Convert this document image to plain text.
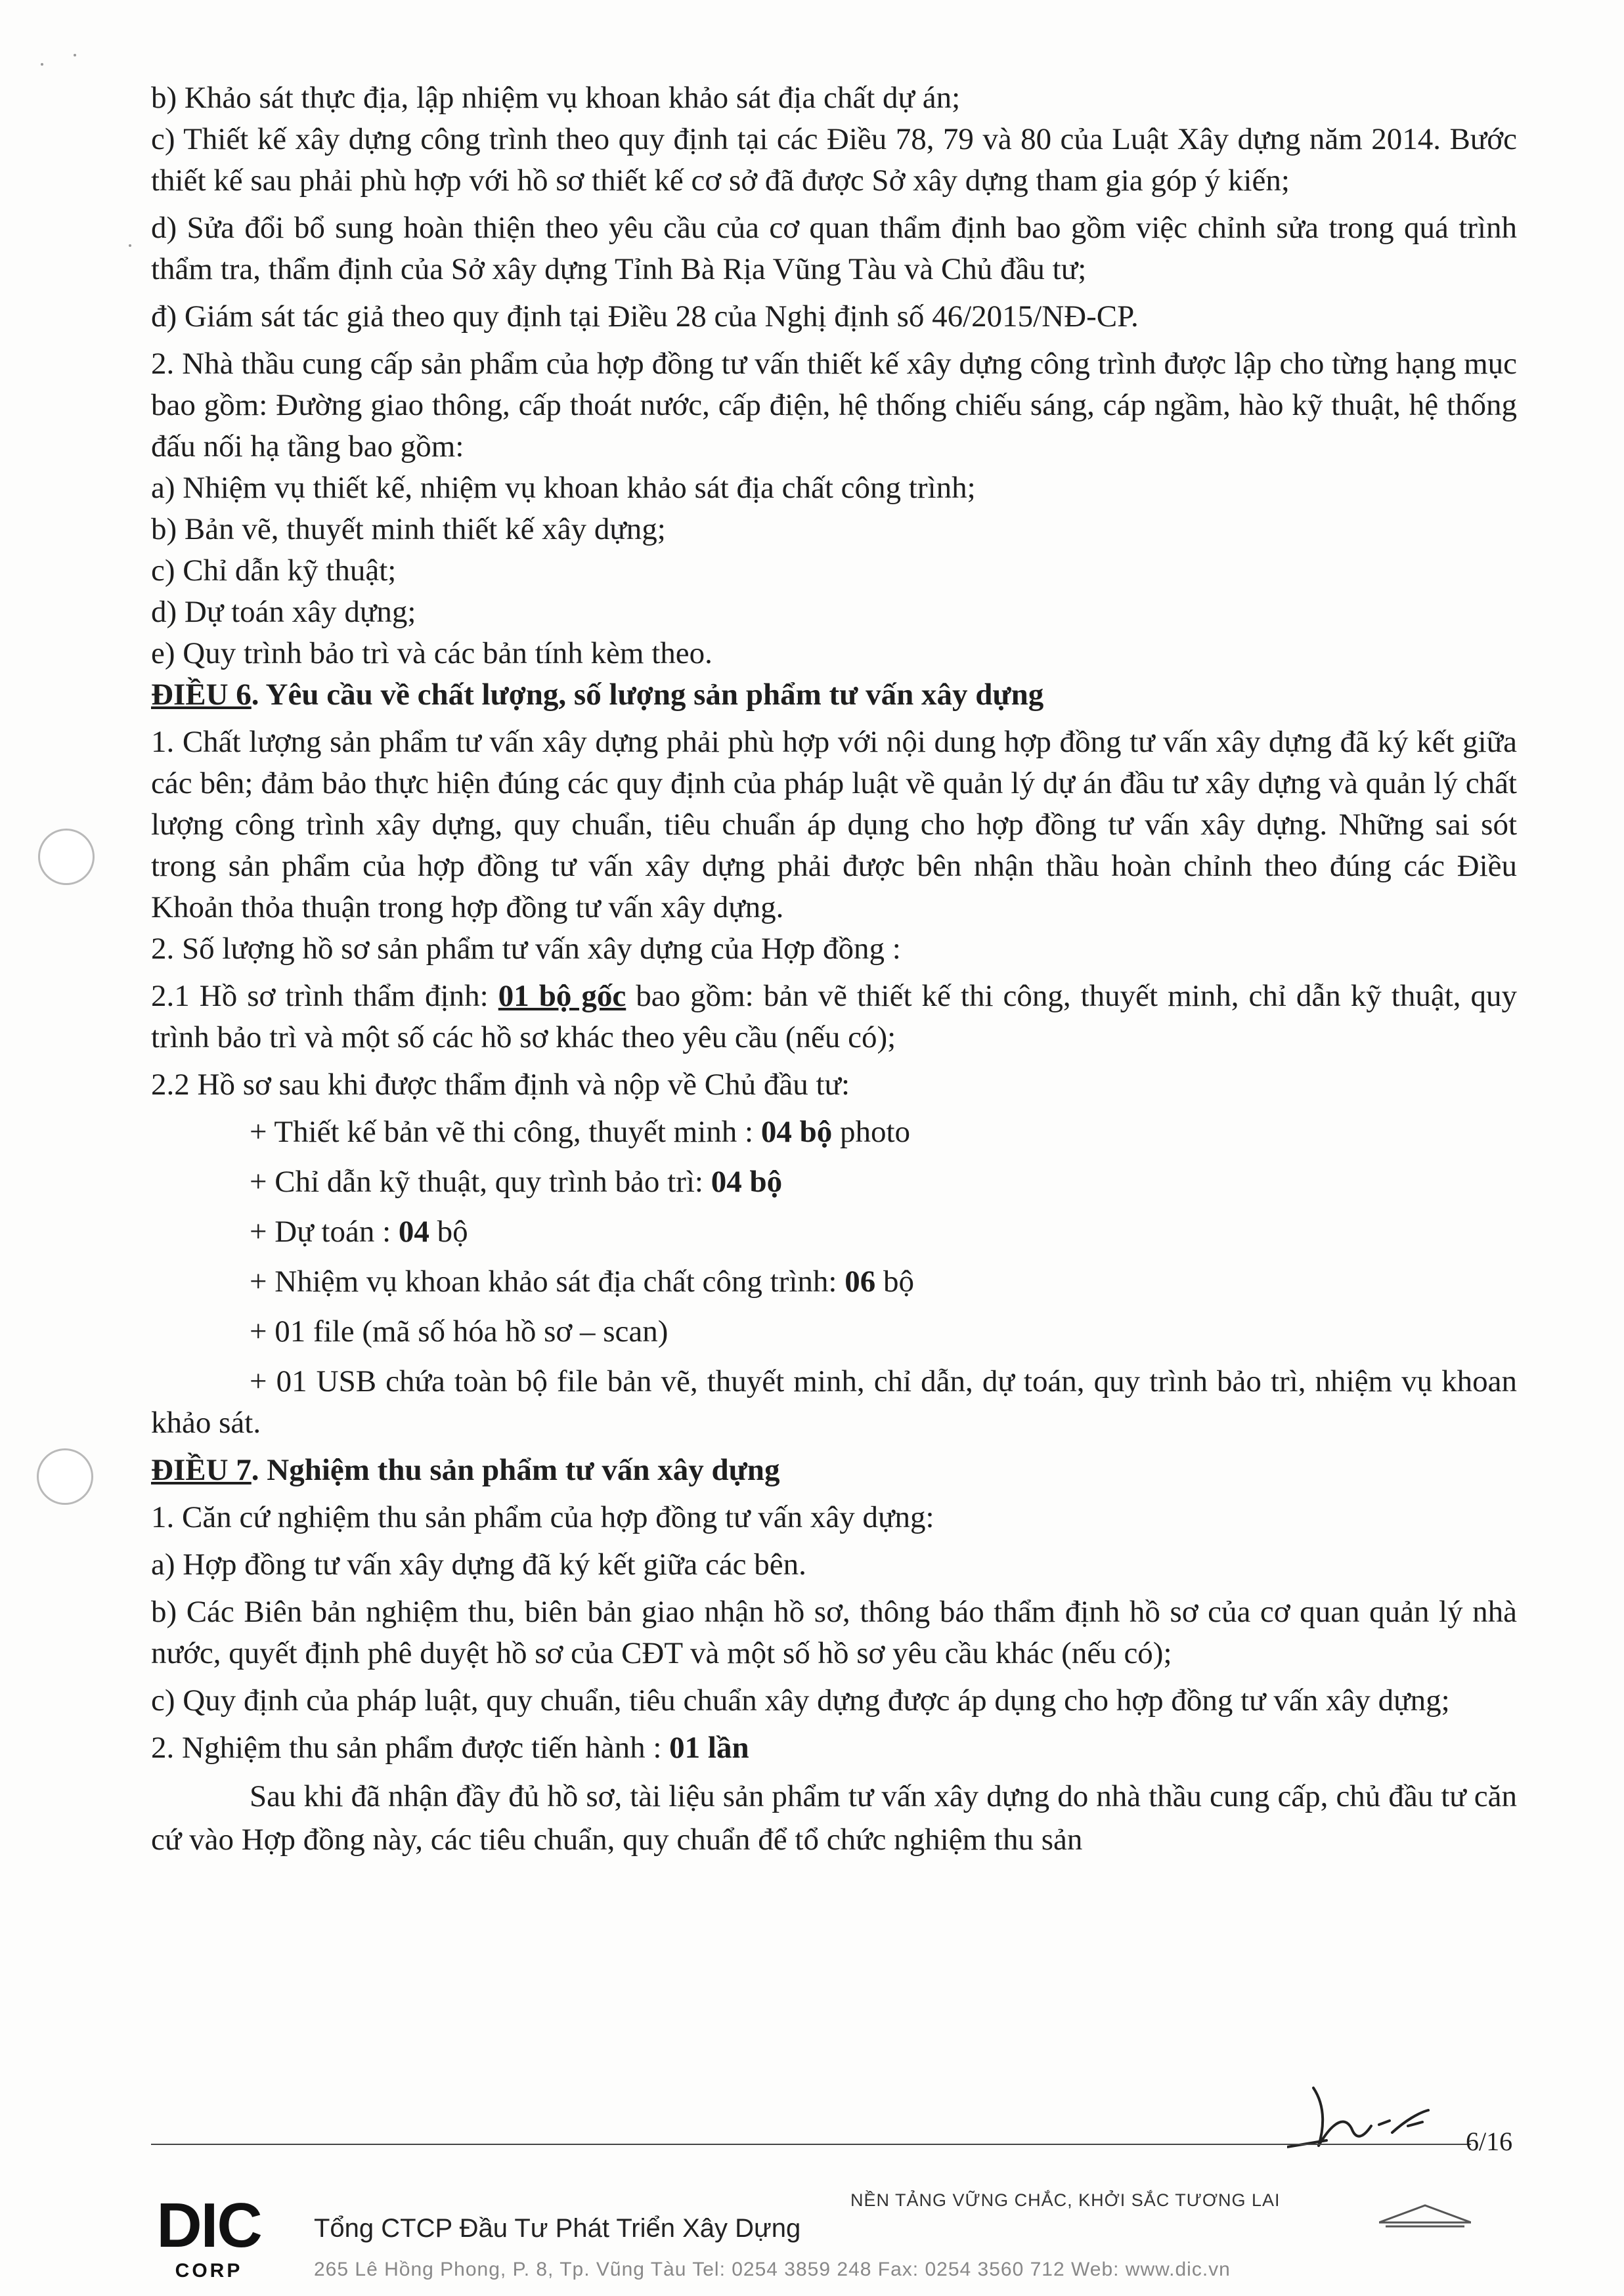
b) Khảo sát thực địa, lập nhiệm vụ khoan khảo sát địa chất dự án;

c) Thiết kế xây dựng công trình theo quy định tại các Điều 78, 79 và 80 của Luật Xây dựng năm 2014. Bước thiết kế sau phải phù hợp với hồ sơ thiết kế cơ sở đã được Sở xây dựng tham gia góp ý kiến;

d) Sửa đổi bổ sung hoàn thiện theo yêu cầu của cơ quan thẩm định bao gồm việc chỉnh sửa trong quá trình thẩm tra, thẩm định của Sở xây dựng Tỉnh Bà Rịa Vũng Tàu và Chủ đầu tư;

đ) Giám sát tác giả theo quy định tại Điều 28 của Nghị định số 46/2015/NĐ-CP.

2. Nhà thầu cung cấp sản phẩm của hợp đồng tư vấn thiết kế xây dựng công trình được lập cho từng hạng mục bao gồm: Đường giao thông, cấp thoát nước, cấp điện, hệ thống chiếu sáng, cáp ngầm, hào kỹ thuật, hệ thống đấu nối hạ tầng bao gồm:

a) Nhiệm vụ thiết kế, nhiệm vụ khoan khảo sát địa chất công trình;

b) Bản vẽ, thuyết minh thiết kế xây dựng;

c) Chỉ dẫn kỹ thuật;

d) Dự toán xây dựng;

e) Quy trình bảo trì và các bản tính kèm theo.

ĐIỀU 6. Yêu cầu về chất lượng, số lượng sản phẩm tư vấn xây dựng

1. Chất lượng sản phẩm tư vấn xây dựng phải phù hợp với nội dung hợp đồng tư vấn xây dựng đã ký kết giữa các bên; đảm bảo thực hiện đúng các quy định của pháp luật về quản lý dự án đầu tư xây dựng và quản lý chất lượng công trình xây dựng, quy chuẩn, tiêu chuẩn áp dụng cho hợp đồng tư vấn xây dựng. Những sai sót trong sản phẩm của hợp đồng tư vấn xây dựng phải được bên nhận thầu hoàn chỉnh theo đúng các Điều Khoản thỏa thuận trong hợp đồng tư vấn xây dựng.

2. Số lượng hồ sơ sản phẩm tư vấn xây dựng của Hợp đồng :

2.1 Hồ sơ trình thẩm định: 01 bộ gốc bao gồm: bản vẽ thiết kế thi công, thuyết minh, chỉ dẫn kỹ thuật, quy trình bảo trì và một số các hồ sơ khác theo yêu cầu (nếu có);

2.2 Hồ sơ sau khi được thẩm định và nộp về Chủ đầu tư:

+ Thiết kế bản vẽ thi công, thuyết minh : 04 bộ photo

+ Chỉ dẫn kỹ thuật, quy trình bảo trì: 04 bộ

+ Dự toán : 04 bộ

+ Nhiệm vụ khoan khảo sát địa chất công trình: 06 bộ

+ 01 file (mã số hóa hồ sơ – scan)

+ 01 USB chứa toàn bộ file bản vẽ, thuyết minh, chỉ dẫn, dự toán, quy trình bảo trì, nhiệm vụ khoan khảo sát.

ĐIỀU 7. Nghiệm thu sản phẩm tư vấn xây dựng

1. Căn cứ nghiệm thu sản phẩm của hợp đồng tư vấn xây dựng:

a) Hợp đồng tư vấn xây dựng đã ký kết giữa các bên.

b) Các Biên bản nghiệm thu, biên bản giao nhận hồ sơ, thông báo thẩm định hồ sơ của cơ quan quản lý nhà nước, quyết định phê duyệt hồ sơ của CĐT và một số hồ sơ yêu cầu khác (nếu có);

c) Quy định của pháp luật, quy chuẩn, tiêu chuẩn xây dựng được áp dụng cho hợp đồng tư vấn xây dựng;

2. Nghiệm thu sản phẩm được tiến hành : 01 lần

Sau khi đã nhận đầy đủ hồ sơ, tài liệu sản phẩm tư vấn xây dựng do nhà thầu cung cấp, chủ đầu tư căn cứ vào Hợp đồng này, các tiêu chuẩn, quy chuẩn để tổ chức nghiệm thu sản

6/16
DIC
CORP
NỀN TẢNG VỮNG CHẮC, KHỞI SẮC TƯƠNG LAI
Tổng CTCP Đầu Tư Phát Triển Xây Dựng
265 Lê Hồng Phong, P. 8, Tp. Vũng Tàu Tel: 0254 3859 248 Fax: 0254 3560 712 Web: www.dic.vn
